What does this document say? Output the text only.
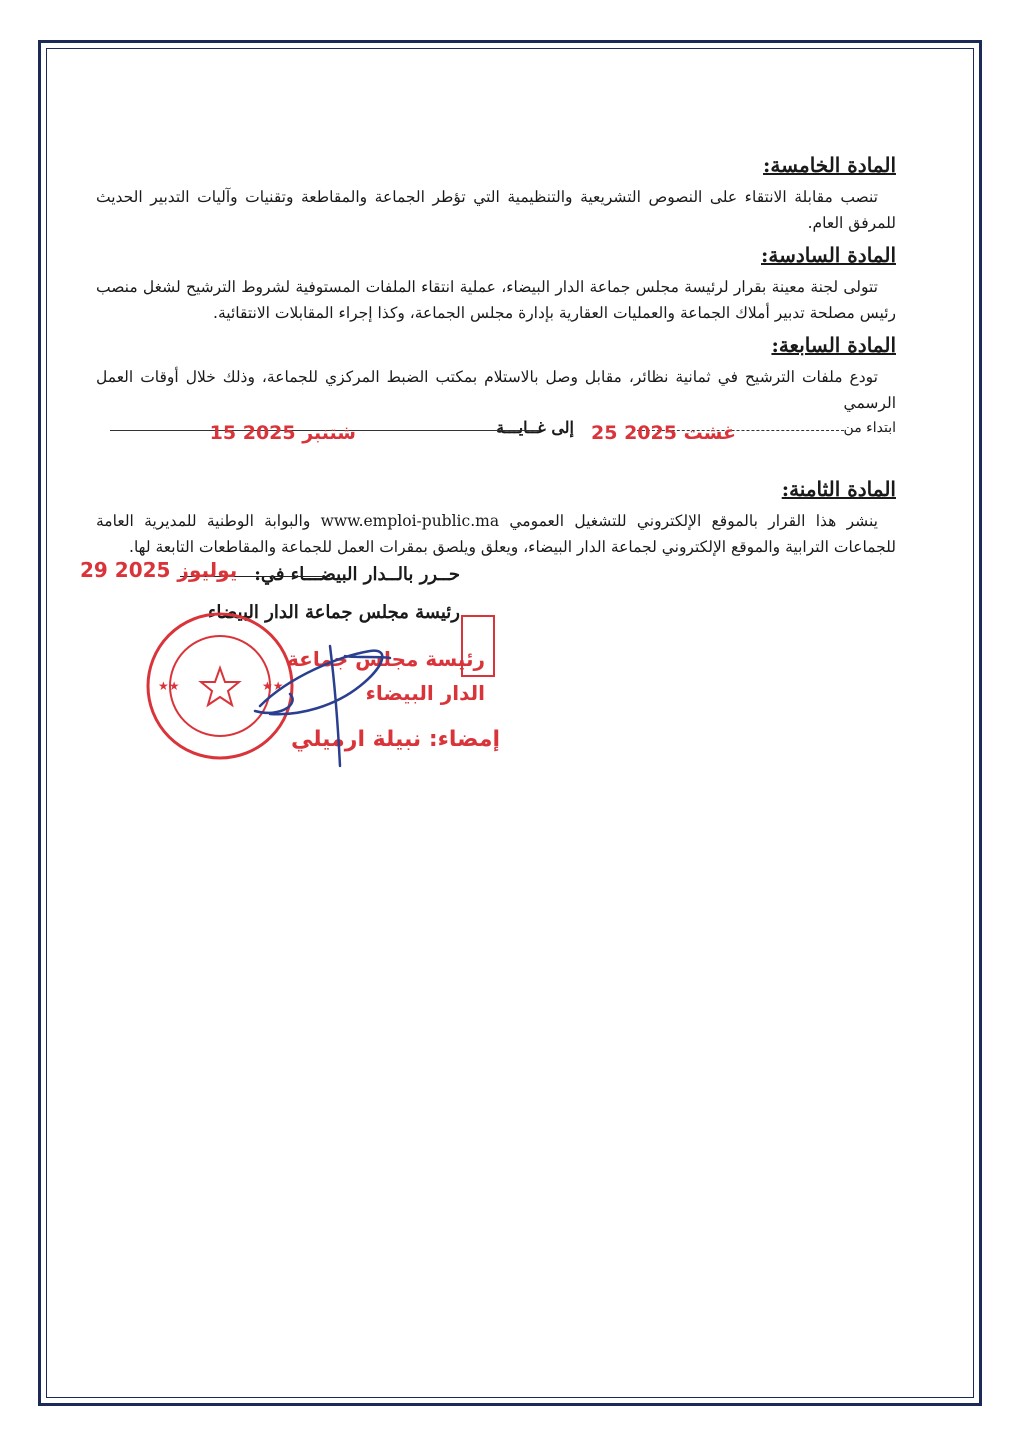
المادة الخامسة:

تنصب مقابلة الانتقاء على النصوص التشريعية والتنظيمية التي تؤطر الجماعة والمقاطعة وتقنيات وآليات التدبير الحديث للمرفق العام.

المادة السادسة:

تتولى لجنة معينة بقرار لرئيسة مجلس جماعة الدار البيضاء، عملية انتقاء الملفات المستوفية لشروط الترشيح لشغل منصب رئيس مصلحة تدبير أملاك الجماعة والعمليات العقارية بإدارة مجلس الجماعة، وكذا إجراء المقابلات الانتقائية.

المادة السابعة:

تودع ملفات الترشيح في ثمانية نظائر، مقابل وصل بالاستلام بمكتب الضبط المركزي للجماعة، وذلك خلال أوقات العمل الرسمي

ابتداء من
25 غشت 2025
إلى غــايـــة
15 شتنبر 2025
المادة الثامنة:

ينشر هذا القرار بالموقع الإلكتروني للتشغيل العمومي www.emploi-public.ma والبوابة الوطنية للمديرية العامة للجماعات الترابية والموقع الإلكتروني لجماعة الدار البيضاء، ويعلق ويلصق بمقرات العمل للجماعة والمقاطعات التابعة لها.

حــرر بالــدار البيضـــاء في:
29 يوليوز 2025
رئيسة مجلس جماعة الدار البيضاء
★★	★★
رئيسة مجلس جماعة
الدار البيضاء
إمضاء: نبيلة ارميلي
